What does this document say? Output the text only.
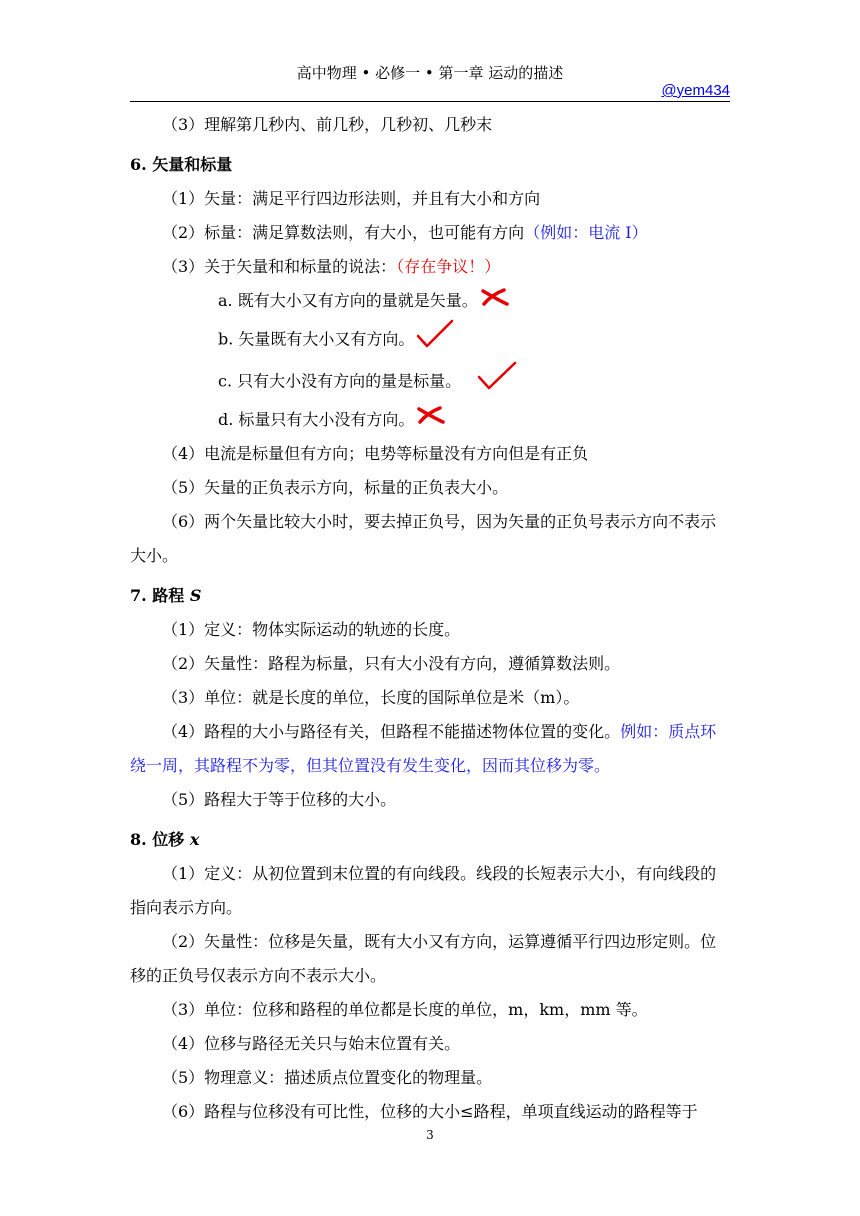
高中物理 • 必修一 • 第一章 运动的描述
@yem434

（3）理解第几秒内、前几秒，几秒初、几秒末

6. 矢量和标量

（1）矢量：满足平行四边形法则，并且有大小和方向

（2）标量：满足算数法则，有大小，也可能有方向（例如：电流 I）

（3）关于矢量和和标量的说法：（存在争议！）

a. 既有大小又有方向的量就是矢量。

b. 矢量既有大小又有方向。

c. 只有大小没有方向的量是标量。

d. 标量只有大小没有方向。

（4）电流是标量但有方向；电势等标量没有方向但是有正负

（5）矢量的正负表示方向，标量的正负表大小。

（6）两个矢量比较大小时，要去掉正负号，因为矢量的正负号表示方向不表示大小。

7. 路程 S

（1）定义：物体实际运动的轨迹的长度。

（2）矢量性：路程为标量，只有大小没有方向，遵循算数法则。

（3）单位：就是长度的单位，长度的国际单位是米（m）。

（4）路程的大小与路径有关，但路程不能描述物体位置的变化。例如：质点环绕一周，其路程不为零，但其位置没有发生变化，因而其位移为零。

（5）路程大于等于位移的大小。

8. 位移 x

（1）定义：从初位置到末位置的有向线段。线段的长短表示大小，有向线段的指向表示方向。

（2）矢量性：位移是矢量，既有大小又有方向，运算遵循平行四边形定则。位移的正负号仅表示方向不表示大小。

（3）单位：位移和路程的单位都是长度的单位，m，km，mm 等。

（4）位移与路径无关只与始末位置有关。

（5）物理意义：描述质点位置变化的物理量。

（6）路程与位移没有可比性，位移的大小≤路程，单项直线运动的路程等于

3
